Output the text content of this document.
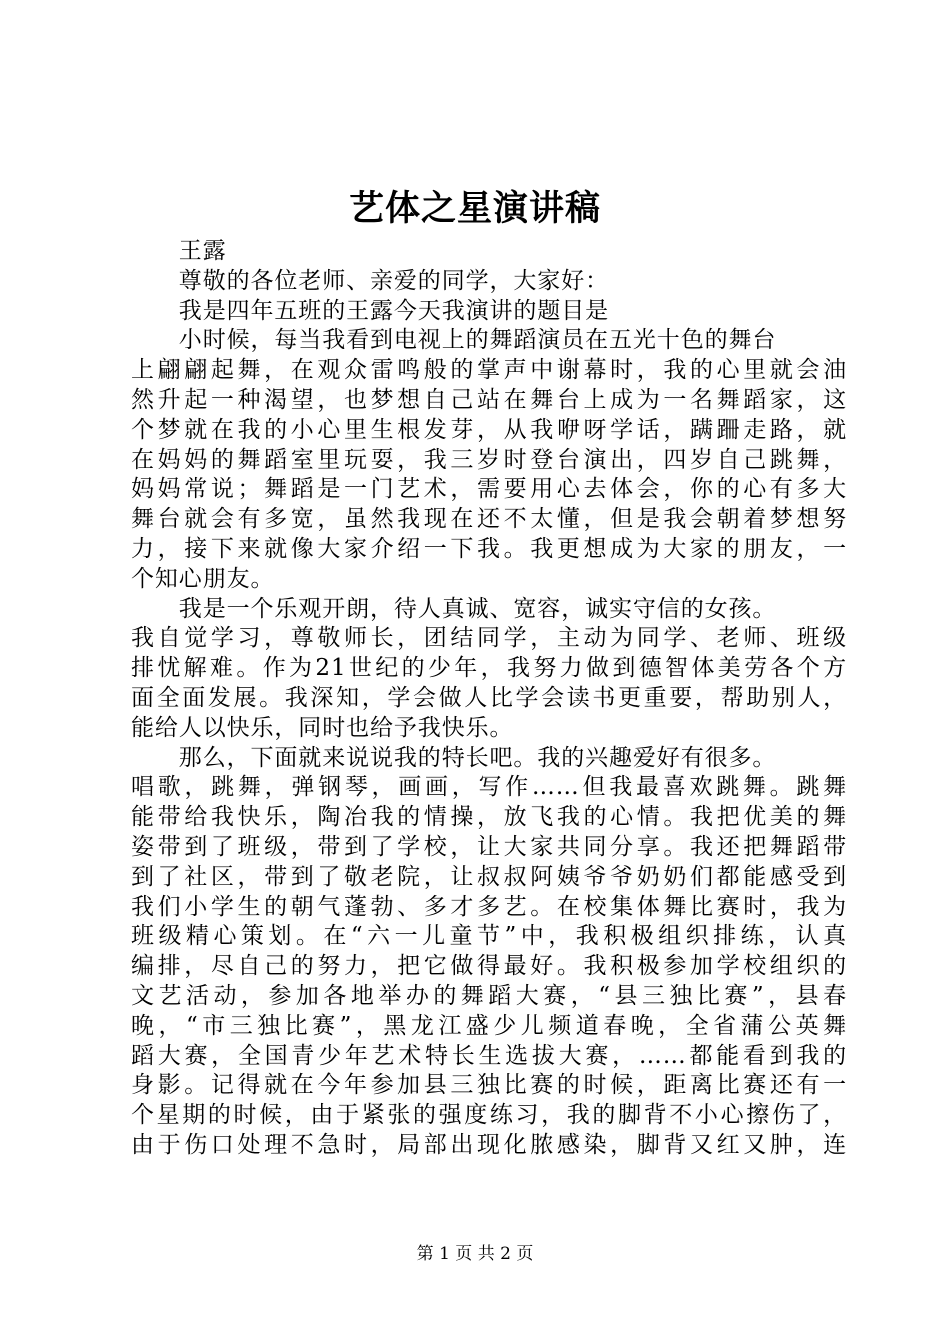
艺体之星演讲稿
　　王露
　　尊敬的各位老师、亲爱的同学，大家好：
　　我是四年五班的王露今天我演讲的题目是
　　小时候，每当我看到电视上的舞蹈演员在五光十色的舞台
上翩翩起舞，在观众雷鸣般的掌声中谢幕时，我的心里就会油
然升起一种渴望，也梦想自己站在舞台上成为一名舞蹈家，这
个梦就在我的小心里生根发芽，从我咿呀学话，蹒跚走路，就
在妈妈的舞蹈室里玩耍，我三岁时登台演出，四岁自己跳舞，
妈妈常说；舞蹈是一门艺术，需要用心去体会，你的心有多大
舞台就会有多宽，虽然我现在还不太懂，但是我会朝着梦想努
力，接下来就像大家介绍一下我。我更想成为大家的朋友，一
个知心朋友。
　　我是一个乐观开朗，待人真诚、宽容，诚实守信的女孩。
我自觉学习，尊敬师长，团结同学，主动为同学、老师、班级
排忧解难。作为21世纪的少年，我努力做到德智体美劳各个方
面全面发展。我深知，学会做人比学会读书更重要，帮助别人，
能给人以快乐，同时也给予我快乐。
　　那么，下面就来说说我的特长吧。我的兴趣爱好有很多。
唱歌，跳舞，弹钢琴，画画，写作……但我最喜欢跳舞。跳舞
能带给我快乐，陶冶我的情操，放飞我的心情。我把优美的舞
姿带到了班级，带到了学校，让大家共同分享。我还把舞蹈带
到了社区，带到了敬老院，让叔叔阿姨爷爷奶奶们都能感受到
我们小学生的朝气蓬勃、多才多艺。在校集体舞比赛时，我为
班级精心策划。在“六一儿童节”中，我积极组织排练，认真
编排，尽自己的努力，把它做得最好。我积极参加学校组织的
文艺活动，参加各地举办的舞蹈大赛，“县三独比赛”，县春
晚，“市三独比赛”，黑龙江盛少儿频道春晚，全省蒲公英舞
蹈大赛，全国青少年艺术特长生选拔大赛，……都能看到我的
身影。记得就在今年参加县三独比赛的时候，距离比赛还有一
个星期的时候，由于紧张的强度练习，我的脚背不小心擦伤了，
由于伤口处理不急时，局部出现化脓感染，脚背又红又肿，连
第 1 页 共 2 页
